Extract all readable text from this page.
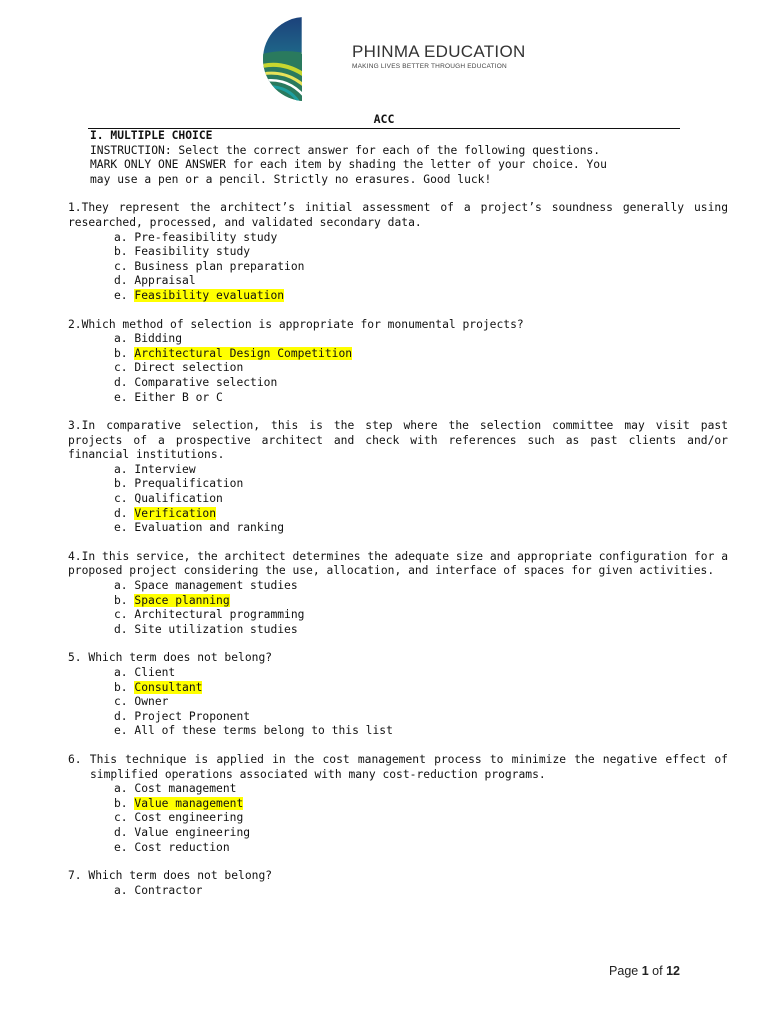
PHINMA EDUCATION
MAKING LIVES BETTER THROUGH EDUCATION
ACC
I. MULTIPLE CHOICE
INSTRUCTION: Select the correct answer for each of the following questions.
MARK ONLY ONE ANSWER for each item by shading the letter of your choice. You
may use a pen or a pencil. Strictly no erasures. Good luck!
1.They represent the architect’s initial assessment of a project’s soundness generally using researched, processed, and validated secondary data.
a. Pre-feasibility study
b. Feasibility study
c. Business plan preparation
d. Appraisal
e. Feasibility evaluation
2.Which method of selection is appropriate for monumental projects?
a. Bidding
b. Architectural Design Competition
c. Direct selection
d. Comparative selection
e. Either B or C
3.In comparative selection, this is the step where the selection committee may visit past projects of a prospective architect and check with references such as past clients and/or financial institutions.
a. Interview
b. Prequalification
c. Qualification
d. Verification
e. Evaluation and ranking
4.In this service, the architect determines the adequate size and appropriate configuration for a proposed project considering the use, allocation, and interface of spaces for given activities.
a. Space management studies
b. Space planning
c. Architectural programming
d. Site utilization studies
5. Which term does not belong?
a. Client
b. Consultant
c. Owner
d. Project Proponent
e. All of these terms belong to this list
6. This technique is applied in the cost management process to minimize the negative effect of simplified operations associated with many cost-reduction programs.
a. Cost management
b. Value management
c. Cost engineering
d. Value engineering
e. Cost reduction
7. Which term does not belong?
a. Contractor
Page 1 of 12
